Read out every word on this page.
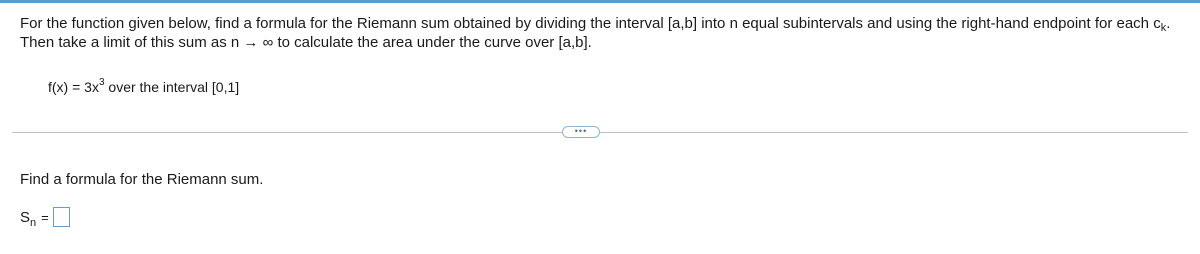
For the function given below, find a formula for the Riemann sum obtained by dividing the interval [a,b] into n equal subintervals and using the right-hand endpoint for each $c_k$. Then take a limit of this sum as n → ∞ to calculate the area under the curve over [a,b].
$f(x) = 3x^3$ over the interval [0,1]
•••
Find a formula for the Riemann sum.
$S_n$ =
